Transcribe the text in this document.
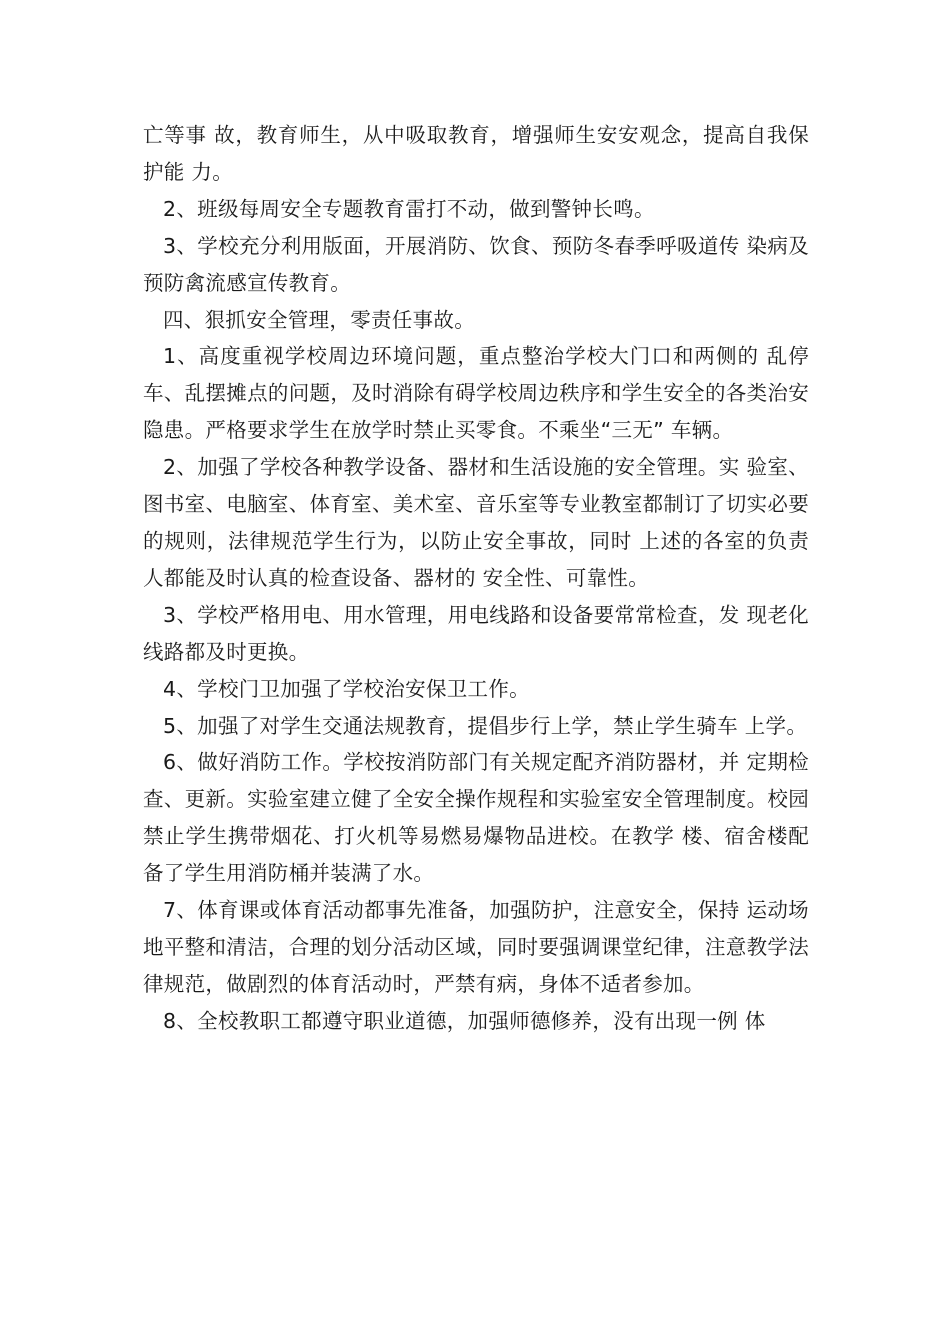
亡等事 故，教育师生，从中吸取教育，增强师生安安观念，提高自我保护能 力。

2、班级每周安全专题教育雷打不动，做到警钟长鸣。

3、学校充分利用版面，开展消防、饮食、预防冬春季呼吸道传 染病及预防禽流感宣传教育。

四、狠抓安全管理，零责任事故。

1、高度重视学校周边环境问题，重点整治学校大门口和两侧的 乱停车、乱摆摊点的问题，及时消除有碍学校周边秩序和学生安全的各类治安隐患。严格要求学生在放学时禁止买零食。不乘坐“三无” 车辆。

2、加强了学校各种教学设备、器材和生活设施的安全管理。实 验室、图书室、电脑室、体育室、美术室、音乐室等专业教室都制订了切实必要的规则，法律规范学生行为，以防止安全事故，同时 上述的各室的负责人都能及时认真的检查设备、器材的 安全性、可靠性。

3、学校严格用电、用水管理，用电线路和设备要常常检查，发 现老化线路都及时更换。

4、学校门卫加强了学校治安保卫工作。

5、加强了对学生交通法规教育，提倡步行上学，禁止学生骑车 上学。

6、做好消防工作。学校按消防部门有关规定配齐消防器材，并 定期检查、更新。实验室建立健了全安全操作规程和实验室安全管理制度。校园禁止学生携带烟花、打火机等易燃易爆物品进校。在教学 楼、宿舍楼配备了学生用消防桶并装满了水。

7、体育课或体育活动都事先准备，加强防护，注意安全，保持 运动场地平整和清洁，合理的划分活动区域，同时要强调课堂纪律，注意教学法律规范，做剧烈的体育活动时，严禁有病，身体不适者参加。

8、全校教职工都遵守职业道德，加强师德修养，没有出现一例 体
